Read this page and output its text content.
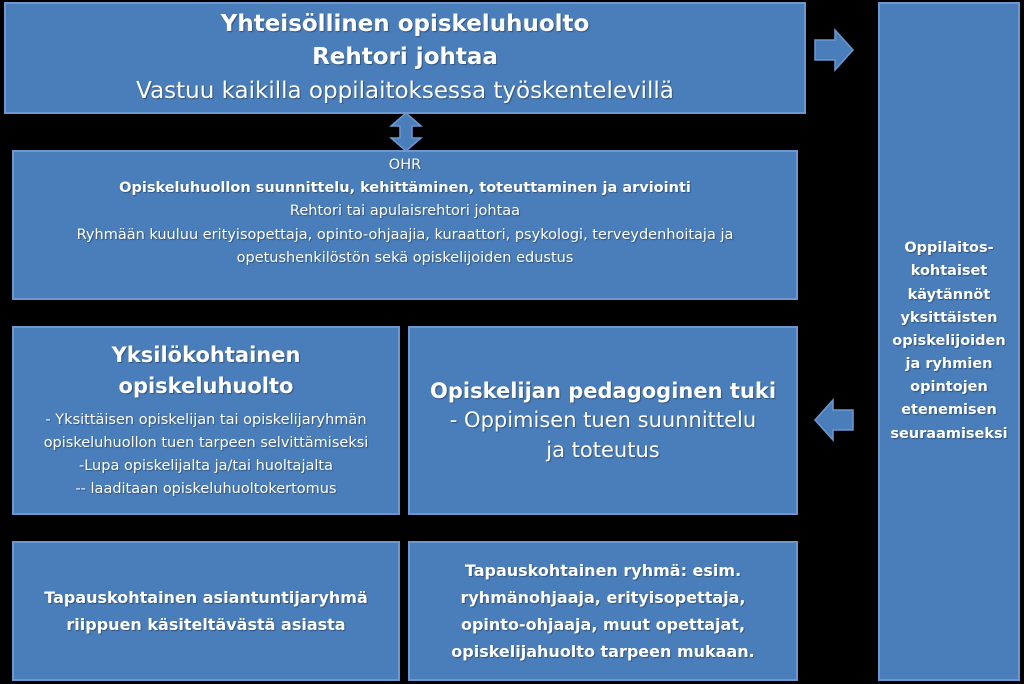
Yhteisöllinen opiskeluhuolto
Rehtori johtaa
Vastuu kaikilla oppilaitoksessa työskentelevillä
OHR
Opiskeluhuollon suunnittelu, kehittäminen, toteuttaminen ja arviointi
Rehtori tai apulaisrehtori johtaa
Ryhmään kuuluu erityisopettaja, opinto-ohjaajia, kuraattori, psykologi, terveydenhoitaja ja
opetushenkilöstön sekä opiskelijoiden edustus
Yksilökohtainen
opiskeluhuolto
- Yksittäisen opiskelijan tai opiskelijaryhmän
opiskeluhuollon tuen tarpeen selvittämiseksi
-Lupa opiskelijalta ja/tai huoltajalta
-- laaditaan opiskeluhuoltokertomus
Opiskelijan pedagoginen tuki
- Oppimisen tuen suunnittelu
ja toteutus
Tapauskohtainen asiantuntijaryhmä
riippuen käsiteltävästä asiasta
Tapauskohtainen ryhmä: esim.
ryhmänohjaaja, erityisopettaja,
opinto-ohjaaja, muut opettajat,
opiskelijahuolto tarpeen mukaan.
Oppilaitos-
kohtaiset
käytännöt
yksittäisten
opiskelijoiden
ja ryhmien
opintojen
etenemisen
seuraamiseksi
